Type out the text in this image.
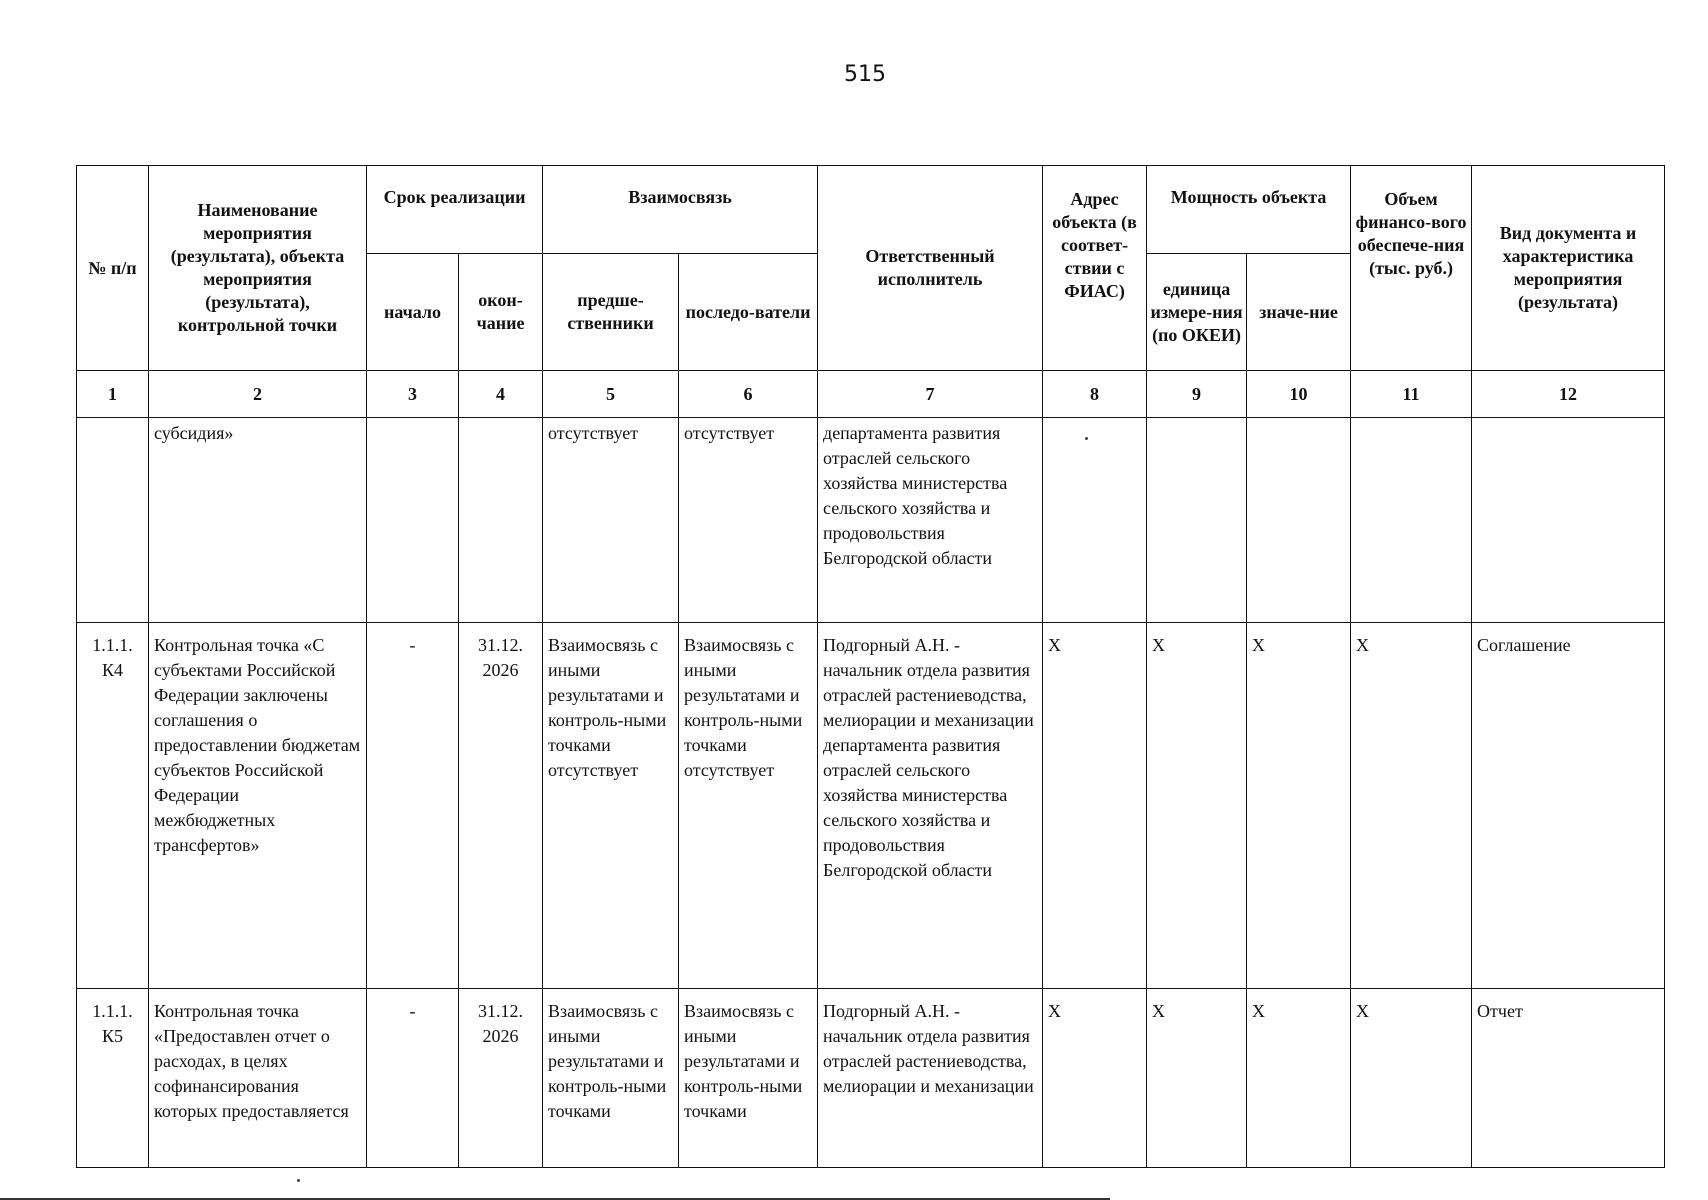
515
№ п/п	Наименование мероприятия (результата), объекта мероприятия (результата), контрольной точки	Срок реализации		Взаимосвязь		Ответственный исполнитель	Адрес объекта (в соответ-ствии с ФИАС)	Мощность объекта		Объем финансо-вого обеспече-ния (тыс. руб.)	Вид документа и характеристика мероприятия (результата)
		начало	окон-чание	предше-ственники	последо-ватели			единица измере-ния (по ОКЕИ)	значе-ние		
1	2	3	4	5	6	7	8	9	10	11	12
	субсидия»			отсутствует	отсутствует	департамента развития отраслей сельского хозяйства министерства сельского хозяйства и продовольствия Белгородской области					
1.1.1. К4	Контрольная точка «С субъектами Российской Федерации заключены соглашения о предоставлении бюджетам субъектов Российской Федерации межбюджетных трансфертов»	-	31.12. 2026	Взаимосвязь с иными результатами и контроль-ными точками отсутствует	Взаимосвязь с иными результатами и контроль-ными точками отсутствует	Подгорный А.Н. - начальник отдела развития отраслей растениеводства, мелиорации и механизации департамента развития отраслей сельского хозяйства министерства сельского хозяйства и продовольствия Белгородской области	X	X	X	X	Соглашение
1.1.1. К5	Контрольная точка «Предоставлен отчет о расходах, в целях софинансирования которых предоставляется	-	31.12. 2026	Взаимосвязь с иными результатами и контроль-ными точками	Взаимосвязь с иными результатами и контроль-ными точками	Подгорный А.Н. - начальник отдела развития отраслей растениеводства, мелиорации и механизации	X	X	X	X	Отчет
